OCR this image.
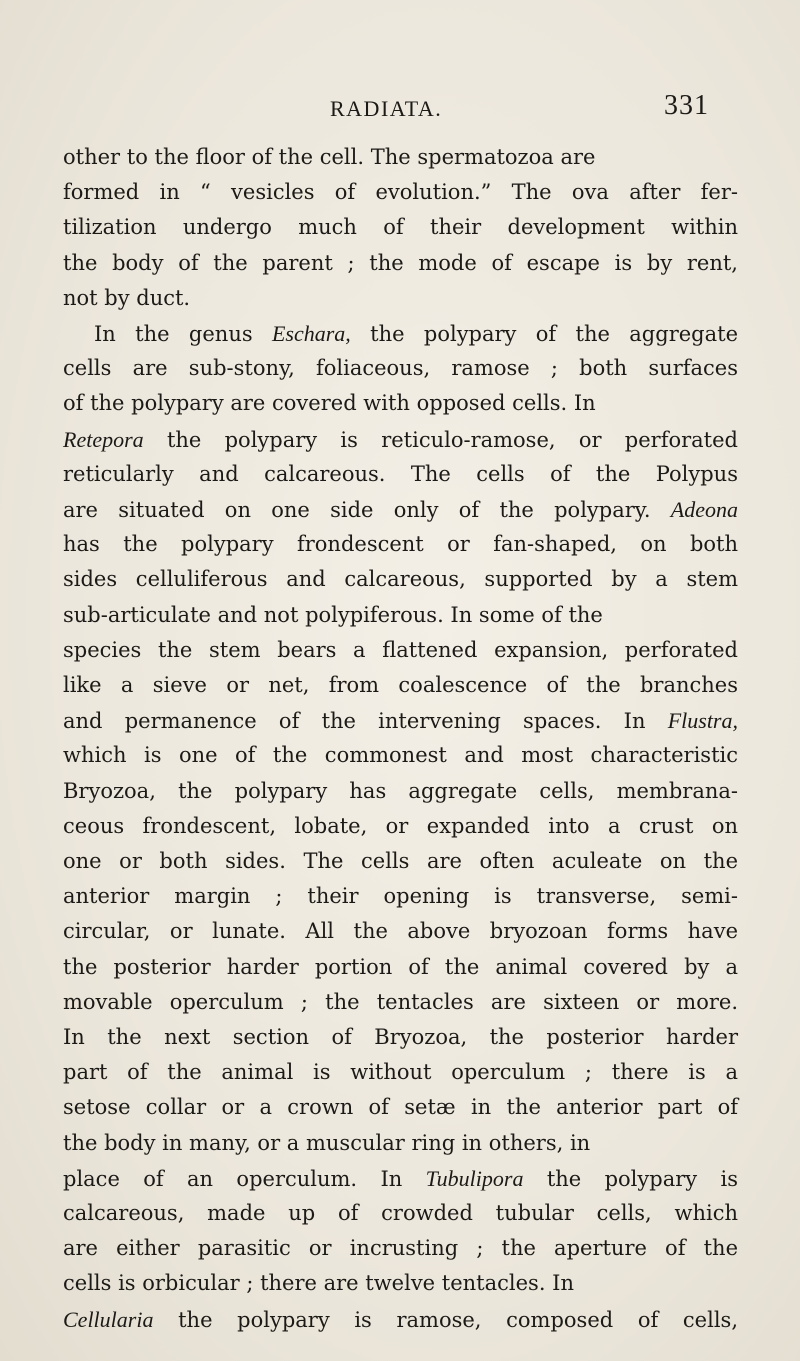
RADIATA.	331
other to the floor of the cell. The spermatozoa are
formed in “ vesicles of evolution.” The ova after fer-
tilization undergo much of their development within
the body of the parent ; the mode of escape is by rent,
not by duct.
In the genus Eschara, the polypary of the aggregate
cells are sub-stony, foliaceous, ramose ; both surfaces
of the polypary are covered with opposed cells. In
Retepora the polypary is reticulo-ramose, or perforated
reticularly and calcareous. The cells of the Polypus
are situated on one side only of the polypary. Adeona
has the polypary frondescent or fan-shaped, on both
sides celluliferous and calcareous, supported by a stem
sub-articulate and not polypiferous. In some of the
species the stem bears a flattened expansion, perforated
like a sieve or net, from coalescence of the branches
and permanence of the intervening spaces. In Flustra,
which is one of the commonest and most characteristic
Bryozoa, the polypary has aggregate cells, membrana-
ceous frondescent, lobate, or expanded into a crust on
one or both sides. The cells are often aculeate on the
anterior margin ; their opening is transverse, semi-
circular, or lunate. All the above bryozoan forms have
the posterior harder portion of the animal covered by a
movable operculum ; the tentacles are sixteen or more.
In the next section of Bryozoa, the posterior harder
part of the animal is without operculum ; there is a
setose collar or a crown of setæ in the anterior part of
the body in many, or a muscular ring in others, in
place of an operculum. In Tubulipora the polypary is
calcareous, made up of crowded tubular cells, which
are either parasitic or incrusting ; the aperture of the
cells is orbicular ; there are twelve tentacles. In
Cellularia the polypary is ramose, composed of cells,
